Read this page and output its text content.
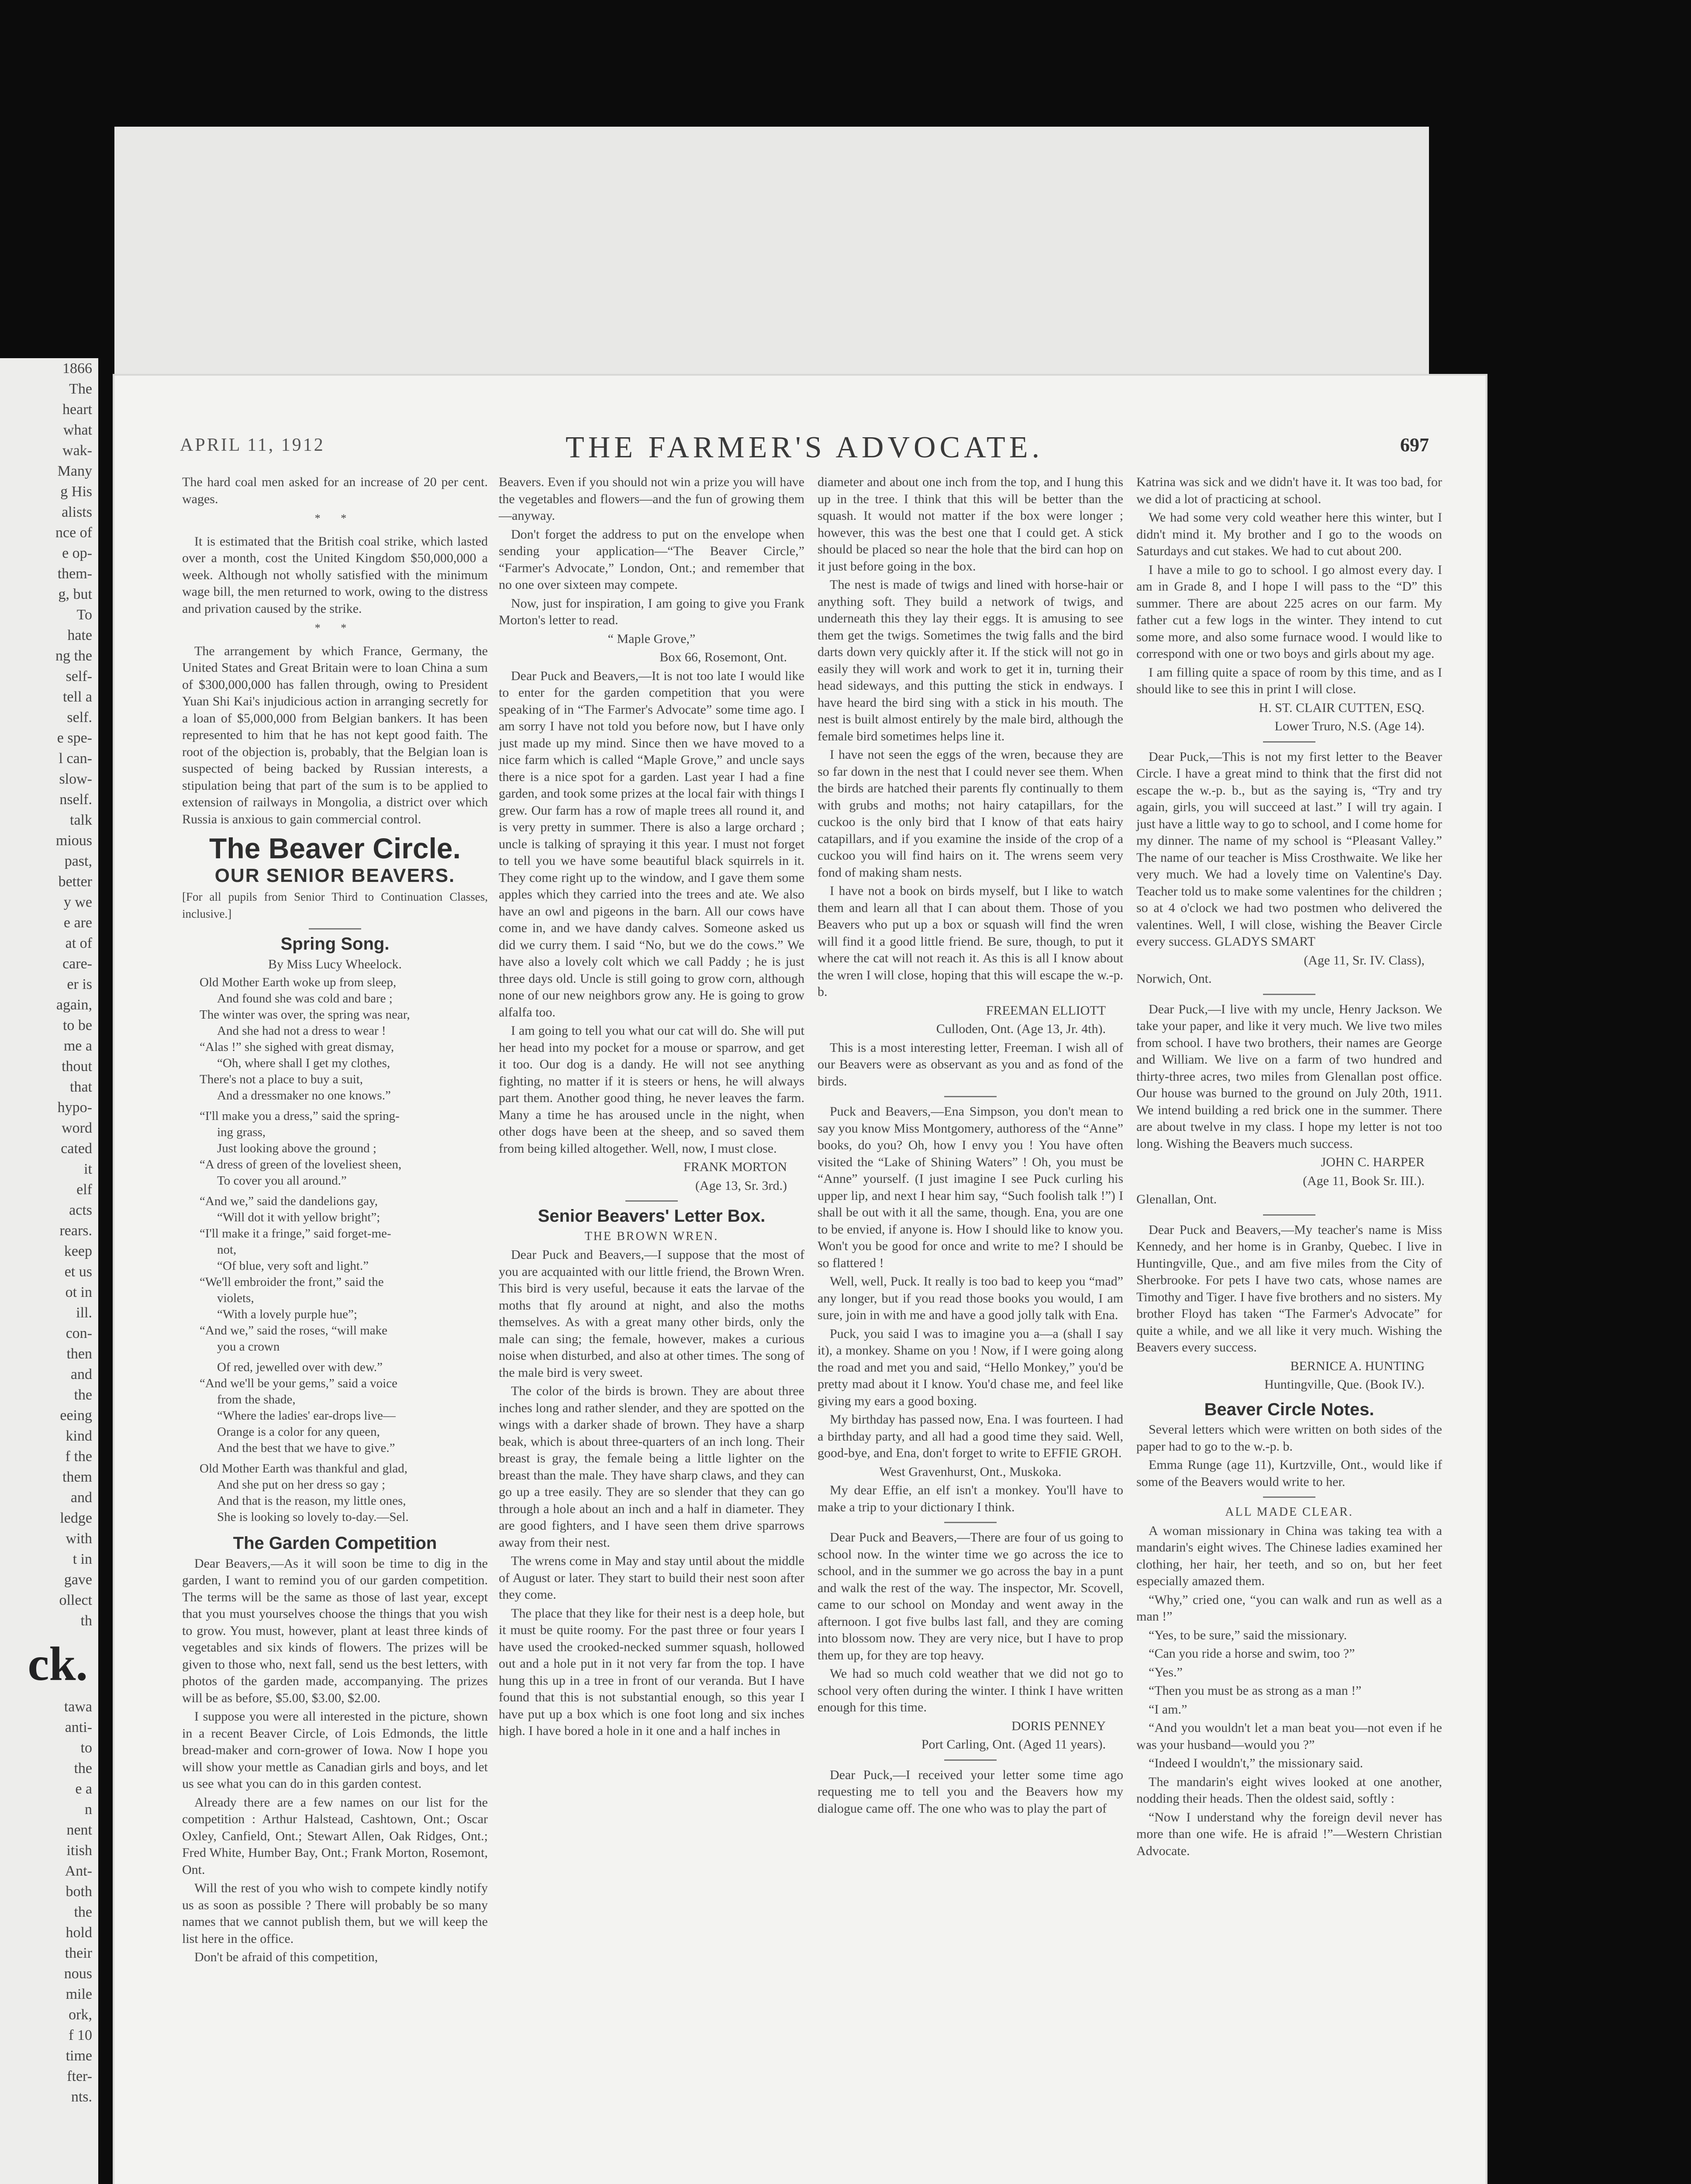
1866

The

heart

what

wak-

Many

g His

alists

nce of

e op-

them-

g, but

To

hate

ng the

self-

tell a

self.

e spe-

l can-

slow-

nself.

talk

mious

past,

better

y we

e are

at of

care-

er is

again,

to be

me a

thout

that

hypo-

word

cated

it

elf

acts

rears.

keep

et us

ot in

ill.

con-

then

and

the

eeing

kind

f the

them

and

ledge

with

t in

gave

ollect

th

ck.

tawa

anti-

to

the

e a

n

nent

itish

Ant-

both

the

hold

their

nous

mile

ork,

f 10

time

fter-

nts.

APRIL 11, 1912	THE FARMER'S ADVOCATE.	697

The hard coal men asked for an increase of 20 per cent. wages.

* *

It is estimated that the British coal strike, which lasted over a month, cost the United Kingdom $50,000,000 a week. Although not wholly satisfied with the minimum wage bill, the men returned to work, owing to the distress and privation caused by the strike.

* *

The arrangement by which France, Germany, the United States and Great Britain were to loan China a sum of $300,000,000 has fallen through, owing to President Yuan Shi Kai's injudicious action in arranging secretly for a loan of $5,000,000 from Belgian bankers. It has been represented to him that he has not kept good faith. The root of the objection is, probably, that the Belgian loan is suspected of being backed by Russian interests, a stipulation being that part of the sum is to be applied to extension of railways in Mongolia, a district over which Russia is anxious to gain commercial control.

The Beaver Circle.
OUR SENIOR BEAVERS.

[For all pupils from Senior Third to Continuation Classes, inclusive.]

Spring Song.

By Miss Lucy Wheelock.

Old Mother Earth woke up from sleep,
And found she was cold and bare ;
The winter was over, the spring was near,
And she had not a dress to wear !
“Alas !” she sighed with great dismay,
“Oh, where shall I get my clothes,
There's not a place to buy a suit,
And a dressmaker no one knows.”
“I'll make you a dress,” said the spring-
ing grass,
Just looking above the ground ;
“A dress of green of the loveliest sheen,
To cover you all around.”
“And we,” said the dandelions gay,
“Will dot it with yellow bright”;
“I'll make it a fringe,” said forget-me-
not,
“Of blue, very soft and light.”
“We'll embroider the front,” said the
violets,
“With a lovely purple hue”;
“And we,” said the roses, “will make
you a crown
Of red, jewelled over with dew.”
“And we'll be your gems,” said a voice
from the shade,
“Where the ladies' ear-drops live—
Orange is a color for any queen,
And the best that we have to give.”
Old Mother Earth was thankful and glad,
And she put on her dress so gay ;
And that is the reason, my little ones,
She is looking so lovely to-day.—Sel.
The Garden Competition

Dear Beavers,—As it will soon be time to dig in the garden, I want to remind you of our garden competition. The terms will be the same as those of last year, except that you must yourselves choose the things that you wish to grow. You must, however, plant at least three kinds of vegetables and six kinds of flowers. The prizes will be given to those who, next fall, send us the best letters, with photos of the garden made, accompanying. The prizes will be as before, $5.00, $3.00, $2.00.

I suppose you were all interested in the picture, shown in a recent Beaver Circle, of Lois Edmonds, the little bread-maker and corn-grower of Iowa. Now I hope you will show your mettle as Canadian girls and boys, and let us see what you can do in this garden contest.

Already there are a few names on our list for the competition : Arthur Halstead, Cashtown, Ont.; Oscar Oxley, Canfield, Ont.; Stewart Allen, Oak Ridges, Ont.; Fred White, Humber Bay, Ont.; Frank Morton, Rosemont, Ont.

Will the rest of you who wish to compete kindly notify us as soon as possible ? There will probably be so many names that we cannot publish them, but we will keep the list here in the office.

Don't be afraid of this competition,

Beavers. Even if you should not win a prize you will have the vegetables and flowers—and the fun of growing them—anyway.

Don't forget the address to put on the envelope when sending your application—“The Beaver Circle,” “Farmer's Advocate,” London, Ont.; and remember that no one over sixteen may compete.

Now, just for inspiration, I am going to give you Frank Morton's letter to read.

“ Maple Grove,”

Box 66, Rosemont, Ont.

Dear Puck and Beavers,—It is not too late I would like to enter for the garden competition that you were speaking of in “The Farmer's Advocate” some time ago. I am sorry I have not told you before now, but I have only just made up my mind. Since then we have moved to a nice farm which is called “Maple Grove,” and uncle says there is a nice spot for a garden. Last year I had a fine garden, and took some prizes at the local fair with things I grew. Our farm has a row of maple trees all round it, and is very pretty in summer. There is also a large orchard ; uncle is talking of spraying it this year. I must not forget to tell you we have some beautiful black squirrels in it. They come right up to the window, and I gave them some apples which they carried into the trees and ate. We also have an owl and pigeons in the barn. All our cows have come in, and we have dandy calves. Someone asked us did we curry them. I said “No, but we do the cows.” We have also a lovely colt which we call Paddy ; he is just three days old. Uncle is still going to grow corn, although none of our new neighbors grow any. He is going to grow alfalfa too.

I am going to tell you what our cat will do. She will put her head into my pocket for a mouse or sparrow, and get it too. Our dog is a dandy. He will not see anything fighting, no matter if it is steers or hens, he will always part them. Another good thing, he never leaves the farm. Many a time he has aroused uncle in the night, when other dogs have been at the sheep, and so saved them from being killed altogether. Well, now, I must close.

FRANK MORTON

(Age 13, Sr. 3rd.)

Senior Beavers' Letter Box.

THE BROWN WREN.

Dear Puck and Beavers,—I suppose that the most of you are acquainted with our little friend, the Brown Wren. This bird is very useful, because it eats the larvae of the moths that fly around at night, and also the moths themselves. As with a great many other birds, only the male can sing; the female, however, makes a curious noise when disturbed, and also at other times. The song of the male bird is very sweet.

The color of the birds is brown. They are about three inches long and rather slender, and they are spotted on the wings with a darker shade of brown. They have a sharp beak, which is about three-quarters of an inch long. Their breast is gray, the female being a little lighter on the breast than the male. They have sharp claws, and they can go up a tree easily. They are so slender that they can go through a hole about an inch and a half in diameter. They are good fighters, and I have seen them drive sparrows away from their nest.

The wrens come in May and stay until about the middle of August or later. They start to build their nest soon after they come.

The place that they like for their nest is a deep hole, but it must be quite roomy. For the past three or four years I have used the crooked-necked summer squash, hollowed out and a hole put in it not very far from the top. I have hung this up in a tree in front of our veranda. But I have found that this is not substantial enough, so this year I have put up a box which is one foot long and six inches high. I have bored a hole in it one and a half inches in

diameter and about one inch from the top, and I hung this up in the tree. I think that this will be better than the squash. It would not matter if the box were longer ; however, this was the best one that I could get. A stick should be placed so near the hole that the bird can hop on it just before going in the box.

The nest is made of twigs and lined with horse-hair or anything soft. They build a network of twigs, and underneath this they lay their eggs. It is amusing to see them get the twigs. Sometimes the twig falls and the bird darts down very quickly after it. If the stick will not go in easily they will work and work to get it in, turning their head sideways, and this putting the stick in endways. I have heard the bird sing with a stick in his mouth. The nest is built almost entirely by the male bird, although the female bird sometimes helps line it.

I have not seen the eggs of the wren, because they are so far down in the nest that I could never see them. When the birds are hatched their parents fly continually to them with grubs and moths; not hairy catapillars, for the cuckoo is the only bird that I know of that eats hairy catapillars, and if you examine the inside of the crop of a cuckoo you will find hairs on it. The wrens seem very fond of making sham nests.

I have not a book on birds myself, but I like to watch them and learn all that I can about them. Those of you Beavers who put up a box or squash will find the wren will find it a good little friend. Be sure, though, to put it where the cat will not reach it. As this is all I know about the wren I will close, hoping that this will escape the w.-p. b.

FREEMAN ELLIOTT

Culloden, Ont. (Age 13, Jr. 4th).

This is a most interesting letter, Freeman. I wish all of our Beavers were as observant as you and as fond of the birds.

Puck and Beavers,—Ena Simpson, you don't mean to say you know Miss Montgomery, authoress of the “Anne” books, do you? Oh, how I envy you ! You have often visited the “Lake of Shining Waters” ! Oh, you must be “Anne” yourself. (I just imagine I see Puck curling his upper lip, and next I hear him say, “Such foolish talk !”) I shall be out with it all the same, though. Ena, you are one to be envied, if anyone is. How I should like to know you. Won't you be good for once and write to me? I should be so flattered !

Well, well, Puck. It really is too bad to keep you “mad” any longer, but if you read those books you would, I am sure, join in with me and have a good jolly talk with Ena.

Puck, you said I was to imagine you a—a (shall I say it), a monkey. Shame on you ! Now, if I were going along the road and met you and said, “Hello Monkey,” you'd be pretty mad about it I know. You'd chase me, and feel like giving my ears a good boxing.

My birthday has passed now, Ena. I was fourteen. I had a birthday party, and all had a good time they said. Well, good-bye, and Ena, don't forget to write to EFFIE GROH.

West Gravenhurst, Ont., Muskoka.

My dear Effie, an elf isn't a monkey. You'll have to make a trip to your dictionary I think.

Dear Puck and Beavers,—There are four of us going to school now. In the winter time we go across the ice to school, and in the summer we go across the bay in a punt and walk the rest of the way. The inspector, Mr. Scovell, came to our school on Monday and went away in the afternoon. I got five bulbs last fall, and they are coming into blossom now. They are very nice, but I have to prop them up, for they are top heavy.

We had so much cold weather that we did not go to school very often during the winter. I think I have written enough for this time.

DORIS PENNEY

Port Carling, Ont. (Aged 11 years).

Dear Puck,—I received your letter some time ago requesting me to tell you and the Beavers how my dialogue came off. The one who was to play the part of

Katrina was sick and we didn't have it. It was too bad, for we did a lot of practicing at school.

We had some very cold weather here this winter, but I didn't mind it. My brother and I go to the woods on Saturdays and cut stakes. We had to cut about 200.

I have a mile to go to school. I go almost every day. I am in Grade 8, and I hope I will pass to the “D” this summer. There are about 225 acres on our farm. My father cut a few logs in the winter. They intend to cut some more, and also some furnace wood. I would like to correspond with one or two boys and girls about my age.

I am filling quite a space of room by this time, and as I should like to see this in print I will close.

H. ST. CLAIR CUTTEN, ESQ.

Lower Truro, N.S. (Age 14).

Dear Puck,—This is not my first letter to the Beaver Circle. I have a great mind to think that the first did not escape the w.-p. b., but as the saying is, “Try and try again, girls, you will succeed at last.” I will try again. I just have a little way to go to school, and I come home for my dinner. The name of my school is “Pleasant Valley.” The name of our teacher is Miss Crosthwaite. We like her very much. We had a lovely time on Valentine's Day. Teacher told us to make some valentines for the children ; so at 4 o'clock we had two postmen who delivered the valentines. Well, I will close, wishing the Beaver Circle every success. GLADYS SMART

(Age 11, Sr. IV. Class),

Norwich, Ont.

Dear Puck,—I live with my uncle, Henry Jackson. We take your paper, and like it very much. We live two miles from school. I have two brothers, their names are George and William. We live on a farm of two hundred and thirty-three acres, two miles from Glenallan post office. Our house was burned to the ground on July 20th, 1911. We intend building a red brick one in the summer. There are about twelve in my class. I hope my letter is not too long. Wishing the Beavers much success.

JOHN C. HARPER

(Age 11, Book Sr. III.).

Glenallan, Ont.

Dear Puck and Beavers,—My teacher's name is Miss Kennedy, and her home is in Granby, Quebec. I live in Huntingville, Que., and am five miles from the City of Sherbrooke. For pets I have two cats, whose names are Timothy and Tiger. I have five brothers and no sisters. My brother Floyd has taken “The Farmer's Advocate” for quite a while, and we all like it very much. Wishing the Beavers every success.

BERNICE A. HUNTING

Huntingville, Que. (Book IV.).

Beaver Circle Notes.

Several letters which were written on both sides of the paper had to go to the w.-p. b.

Emma Runge (age 11), Kurtzville, Ont., would like if some of the Beavers would write to her.

ALL MADE CLEAR.

A woman missionary in China was taking tea with a mandarin's eight wives. The Chinese ladies examined her clothing, her hair, her teeth, and so on, but her feet especially amazed them.

“Why,” cried one, “you can walk and run as well as a man !”

“Yes, to be sure,” said the missionary.

“Can you ride a horse and swim, too ?”

“Yes.”

“Then you must be as strong as a man !”

“I am.”

“And you wouldn't let a man beat you—not even if he was your husband—would you ?”

“Indeed I wouldn't,” the missionary said.

The mandarin's eight wives looked at one another, nodding their heads. Then the oldest said, softly :

“Now I understand why the foreign devil never has more than one wife. He is afraid !”—Western Christian Advocate.
